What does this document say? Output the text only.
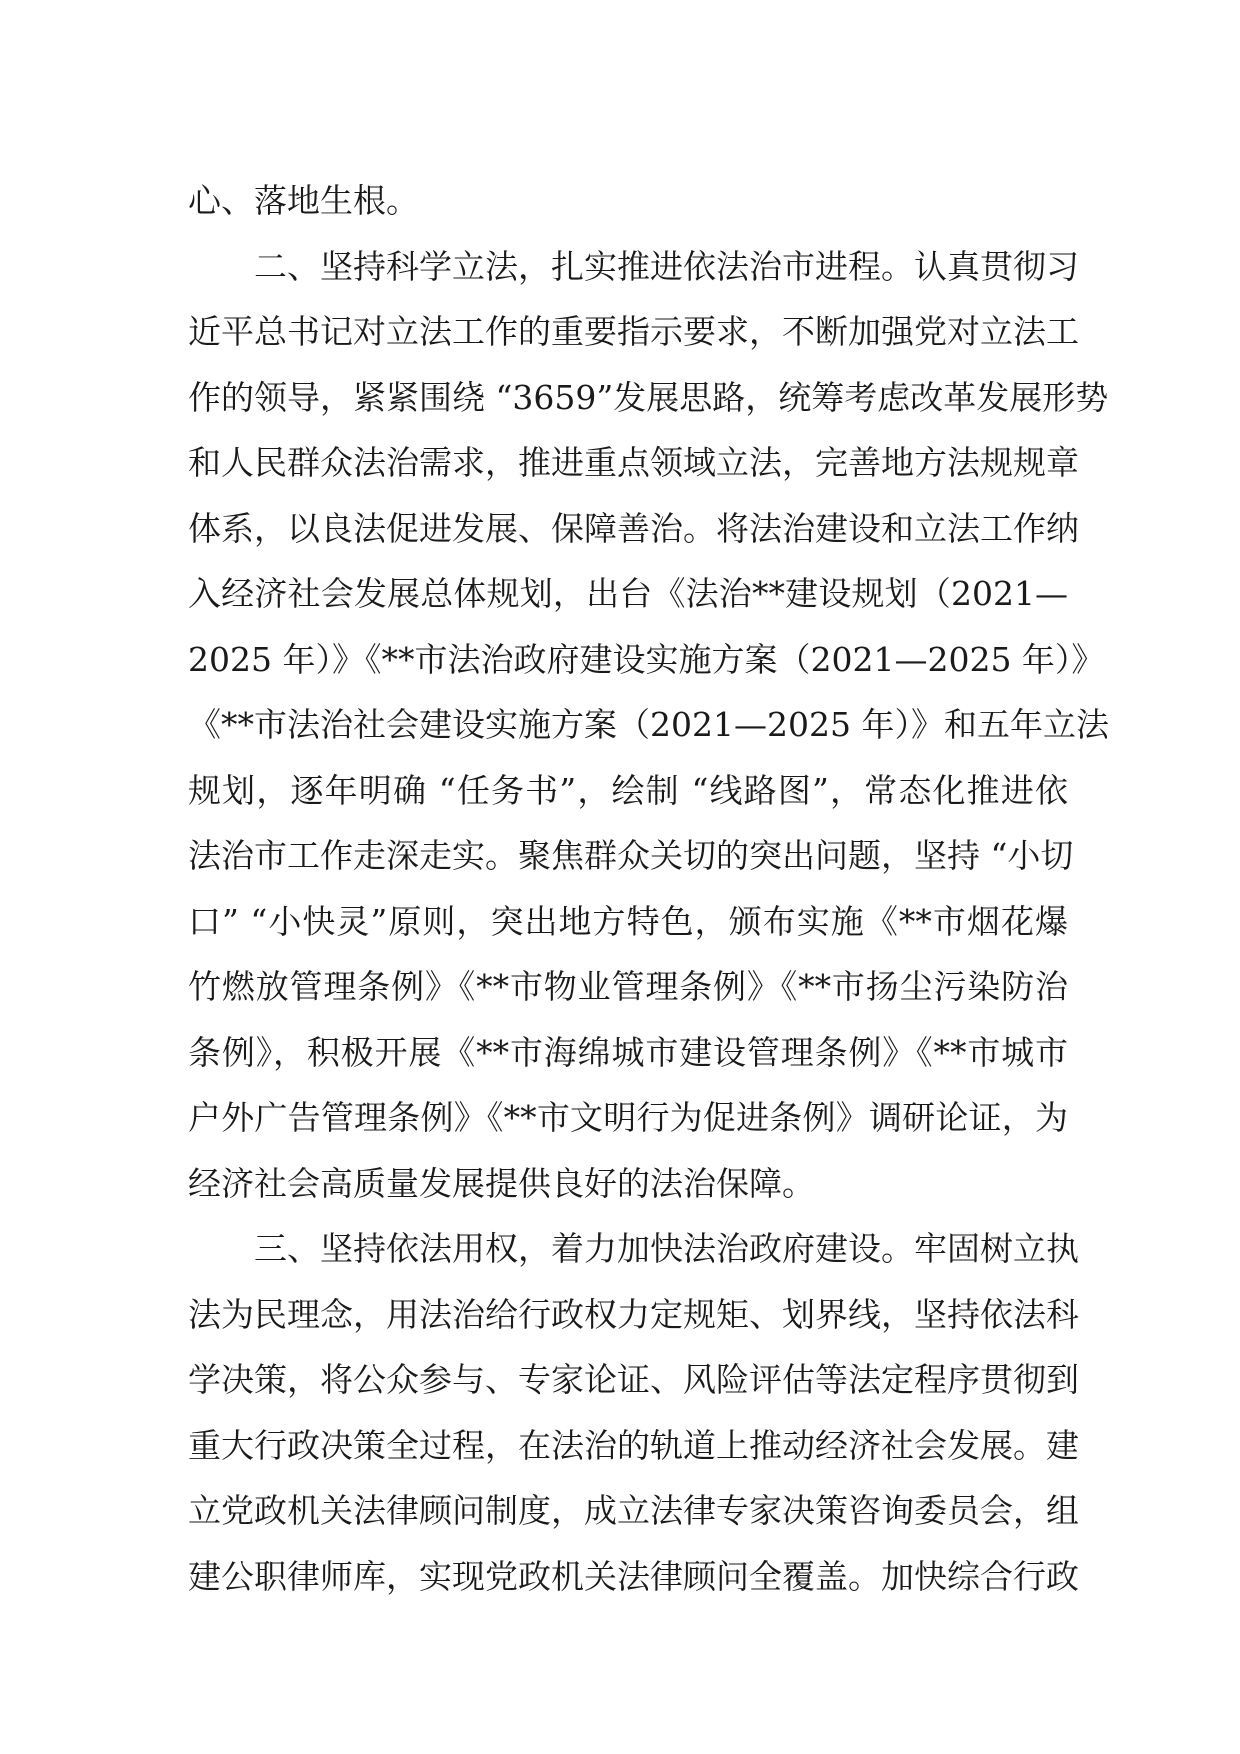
心、落地生根。
二、坚持科学立法，扎实推进依法治市进程。认真贯彻习
近平总书记对立法工作的重要指示要求，不断加强党对立法工
作的领导，紧紧围绕 “3659”发展思路，统筹考虑改革发展形势
和人民群众法治需求，推进重点领域立法，完善地方法规规章
体系，以良法促进发展、保障善治。将法治建设和立法工作纳
入经济社会发展总体规划，出台《法治**建设规划（2021—
2025 年）》《**市法治政府建设实施方案（2021—2025 年）》
《**市法治社会建设实施方案（2021—2025 年）》和五年立法
规划，逐年明确 “任务书”，绘制 “线路图”，常态化推进依
法治市工作走深走实。聚焦群众关切的突出问题，坚持 “小切
口” “小快灵”原则，突出地方特色，颁布实施《**市烟花爆
竹燃放管理条例》《**市物业管理条例》《**市扬尘污染防治
条例》，积极开展《**市海绵城市建设管理条例》《**市城市
户外广告管理条例》《**市文明行为促进条例》调研论证，为
经济社会高质量发展提供良好的法治保障。
三、坚持依法用权，着力加快法治政府建设。牢固树立执
法为民理念，用法治给行政权力定规矩、划界线，坚持依法科
学决策，将公众参与、专家论证、风险评估等法定程序贯彻到
重大行政决策全过程，在法治的轨道上推动经济社会发展。建
立党政机关法律顾问制度，成立法律专家决策咨询委员会，组
建公职律师库，实现党政机关法律顾问全覆盖。加快综合行政
